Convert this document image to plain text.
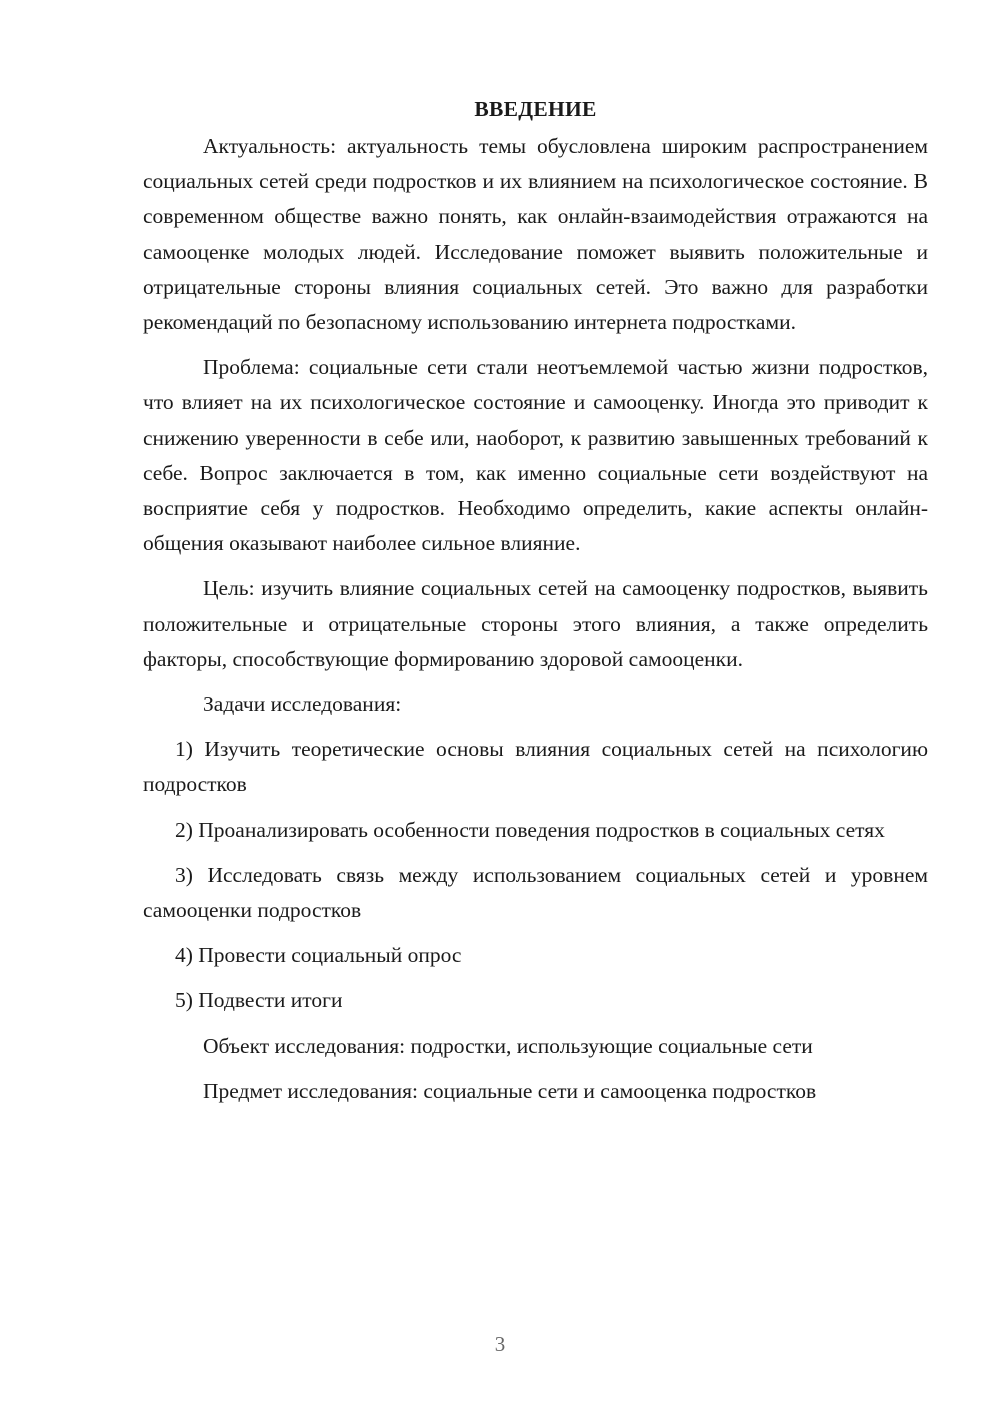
ВВЕДЕНИЕ

Актуальность: актуальность темы обусловлена широким распространением социальных сетей среди подростков и их влиянием на психологическое состояние. В современном обществе важно понять, как онлайн-взаимодействия отражаются на самооценке молодых людей. Исследование поможет выявить положительные и отрицательные стороны влияния социальных сетей. Это важно для разработки рекомендаций по безопасному использованию интернета подростками.

Проблема: социальные сети стали неотъемлемой частью жизни подростков, что влияет на их психологическое состояние и самооценку. Иногда это приводит к снижению уверенности в себе или, наоборот, к развитию завышенных требований к себе. Вопрос заключается в том, как именно социальные сети воздействуют на восприятие себя у подростков. Необходимо определить, какие аспекты онлайн-общения оказывают наиболее сильное влияние.

Цель: изучить влияние социальных сетей на самооценку подростков, выявить положительные и отрицательные стороны этого влияния, а также определить факторы, способствующие формированию здоровой самооценки.

Задачи исследования:

1) Изучить теоретические основы влияния социальных сетей на психологию подростков

2) Проанализировать особенности поведения подростков в социальных сетях

3) Исследовать связь между использованием социальных сетей и уровнем самооценки подростков

4) Провести социальный опрос

5) Подвести итоги

Объект исследования: подростки, использующие социальные сети

Предмет исследования: социальные сети и самооценка подростков

3
